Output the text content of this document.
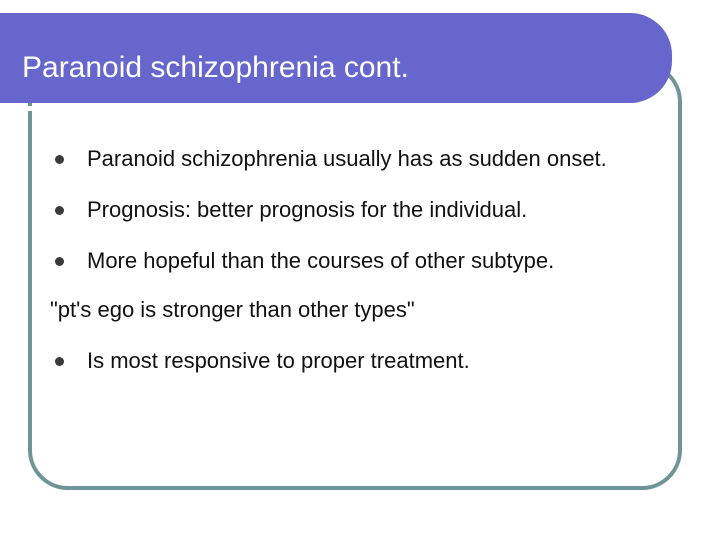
Paranoid schizophrenia cont.
Paranoid schizophrenia usually has as sudden onset.
Prognosis: better prognosis for the individual.
More hopeful than the courses of other subtype.
"pt's ego is stronger than other types"
Is most responsive to proper treatment.
